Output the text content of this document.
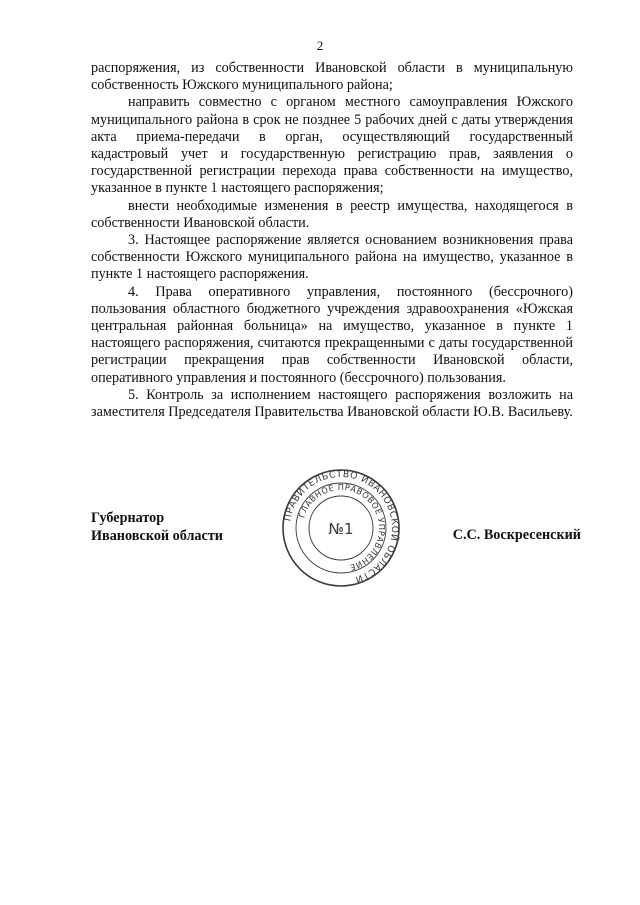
2

распоряжения, из собственности Ивановской области в муниципальную собственность Южского муниципального района;

направить совместно с органом местного самоуправления Южского муниципального района в срок не позднее 5 рабочих дней с даты утверждения акта приема-передачи в орган, осуществляющий государственный кадастровый учет и государственную регистрацию прав, заявления о государственной регистрации перехода права собственности на имущество, указанное в пункте 1 настоящего распоряжения;

внести необходимые изменения в реестр имущества, находящегося в собственности Ивановской области.

3. Настоящее распоряжение является основанием возникновения права собственности Южского муниципального района на имущество, указанное в пункте 1 настоящего распоряжения.

4. Права оперативного управления, постоянного (бессрочного) пользования областного бюджетного учреждения здравоохранения «Южская центральная районная больница» на имущество, указанное в пункте 1 настоящего распоряжения, считаются прекращенными с даты государственной регистрации прекращения прав собственности Ивановской области, оперативного управления и постоянного (бессрочного) пользования.

5. Контроль за исполнением настоящего распоряжения возложить на заместителя Председателя Правительства Ивановской области Ю.В. Васильеву.

Губернатор
Ивановской области
ПРАВИТЕЛЬСТВО ИВАНОВСКОЙ ОБЛАСТИ
ГЛАВНОЕ ПРАВОВОЕ УПРАВЛЕНИЕ
№1	С.С. Воскресенский
